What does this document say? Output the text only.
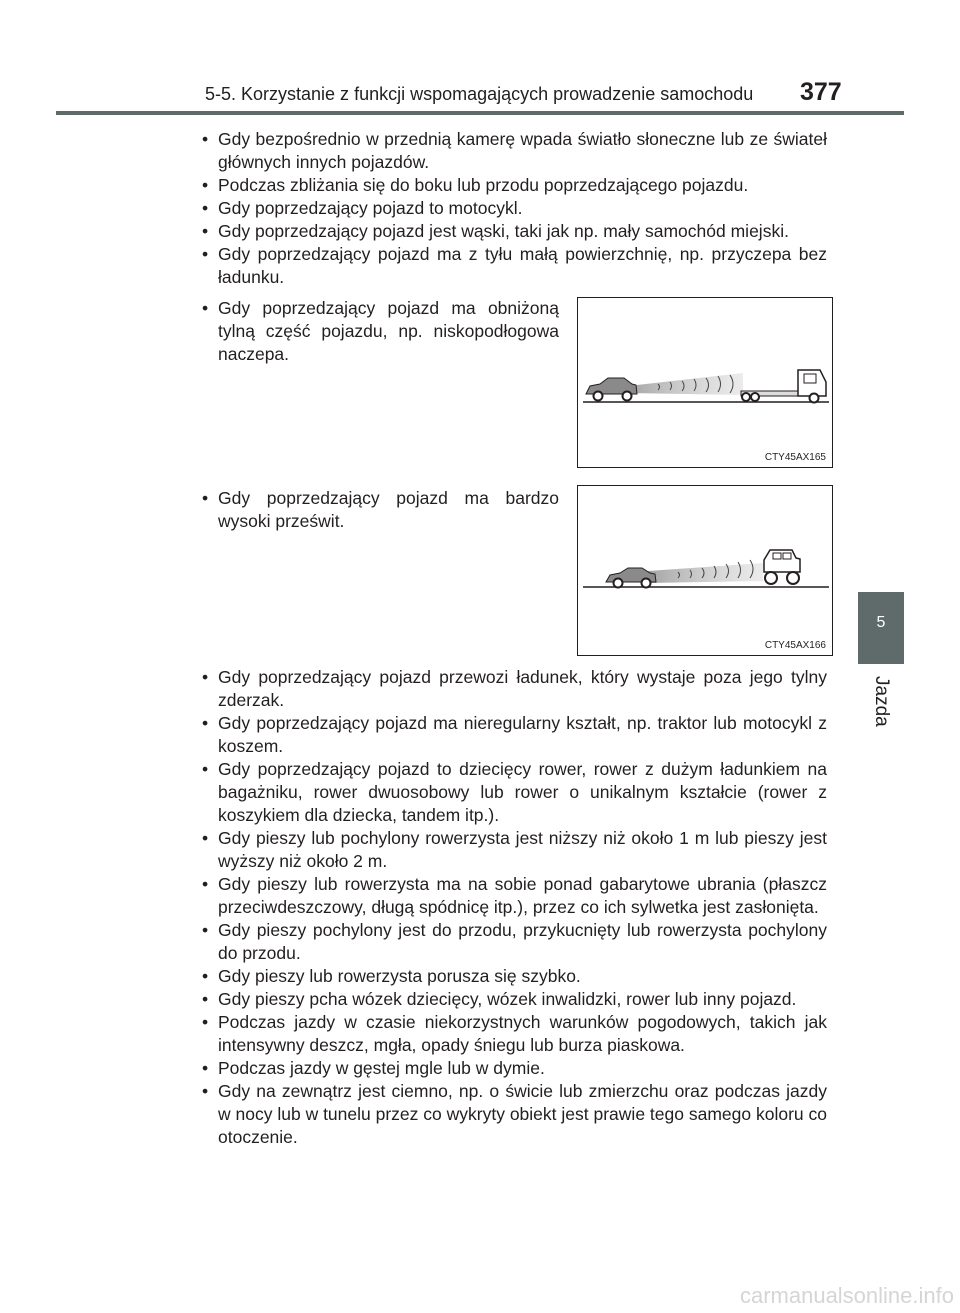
5-5. Korzystanie z funkcji wspomagających prowadzenie samochodu 377
5
Jazda
• Gdy bezpośrednio w przednią kamerę wpada światło słoneczne lub ze świateł głównych innych pojazdów.
• Podczas zbliżania się do boku lub przodu poprzedzającego pojazdu.
• Gdy poprzedzający pojazd to motocykl.
• Gdy poprzedzający pojazd jest wąski, taki jak np. mały samochód miejski.
• Gdy poprzedzający pojazd ma z tyłu małą powierzchnię, np. przyczepa bez ładunku.
• Gdy poprzedzający pojazd ma obniżoną tylną część pojazdu, np. niskopodłogowa naczepa.
CTY45AX165
• Gdy poprzedzający pojazd ma bardzo wysoki prześwit.
CTY45AX166
• Gdy poprzedzający pojazd przewozi ładunek, który wystaje poza jego tylny zderzak.
• Gdy poprzedzający pojazd ma nieregularny kształt, np. traktor lub motocykl z koszem.
• Gdy poprzedzający pojazd to dziecięcy rower, rower z dużym ładunkiem na bagażniku, rower dwuosobowy lub rower o unikalnym kształcie (rower z koszykiem dla dziecka, tandem itp.).
• Gdy pieszy lub pochylony rowerzysta jest niższy niż około 1 m lub pieszy jest wyższy niż około 2 m.
• Gdy pieszy lub rowerzysta ma na sobie ponad gabarytowe ubrania (płaszcz przeciwdeszczowy, długą spódnicę itp.), przez co ich sylwetka jest zasłonięta.
• Gdy pieszy pochylony jest do przodu, przykucnięty lub rowerzysta pochylony do przodu.
• Gdy pieszy lub rowerzysta porusza się szybko.
• Gdy pieszy pcha wózek dziecięcy, wózek inwalidzki, rower lub inny pojazd.
• Podczas jazdy w czasie niekorzystnych warunków pogodowych, takich jak intensywny deszcz, mgła, opady śniegu lub burza piaskowa.
• Podczas jazdy w gęstej mgle lub w dymie.
• Gdy na zewnątrz jest ciemno, np. o świcie lub zmierzchu oraz podczas jazdy w nocy lub w tunelu przez co wykryty obiekt jest prawie tego samego koloru co otoczenie.
carmanualsonline.info
